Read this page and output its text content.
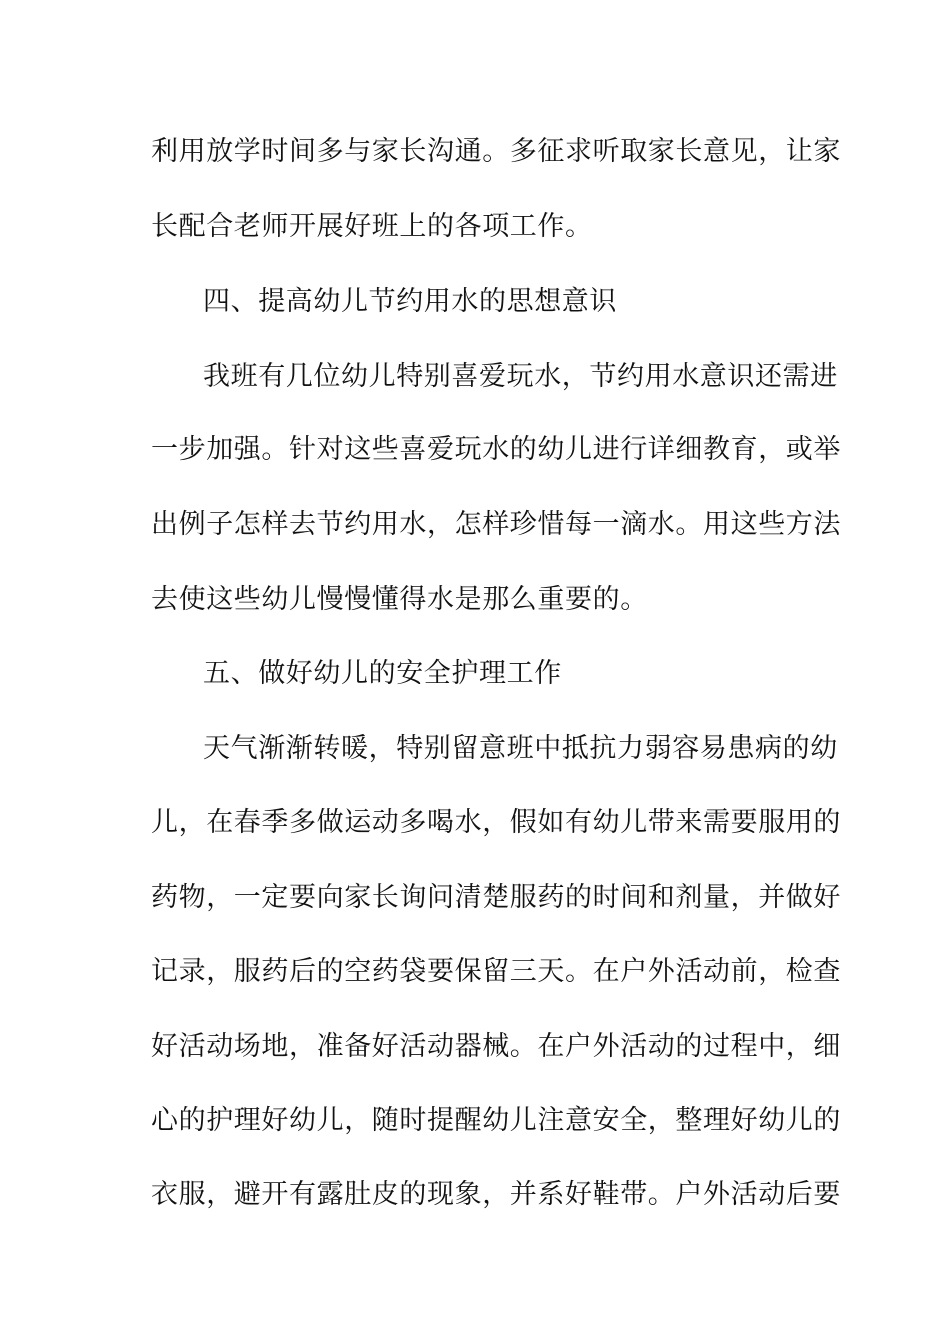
利用放学时间多与家长沟通。多征求听取家长意见，让家
长配合老师开展好班上的各项工作。
四、提高幼儿节约用水的思想意识
我班有几位幼儿特别喜爱玩水，节约用水意识还需进
一步加强。针对这些喜爱玩水的幼儿进行详细教育，或举
出例子怎样去节约用水，怎样珍惜每一滴水。用这些方法
去使这些幼儿慢慢懂得水是那么重要的。
五、做好幼儿的安全护理工作
天气渐渐转暖，特别留意班中抵抗力弱容易患病的幼
儿，在春季多做运动多喝水，假如有幼儿带来需要服用的
药物，一定要向家长询问清楚服药的时间和剂量，并做好
记录，服药后的空药袋要保留三天。在户外活动前，检查
好活动场地，准备好活动器械。在户外活动的过程中，细
心的护理好幼儿，随时提醒幼儿注意安全，整理好幼儿的
衣服，避开有露肚皮的现象，并系好鞋带。户外活动后要
